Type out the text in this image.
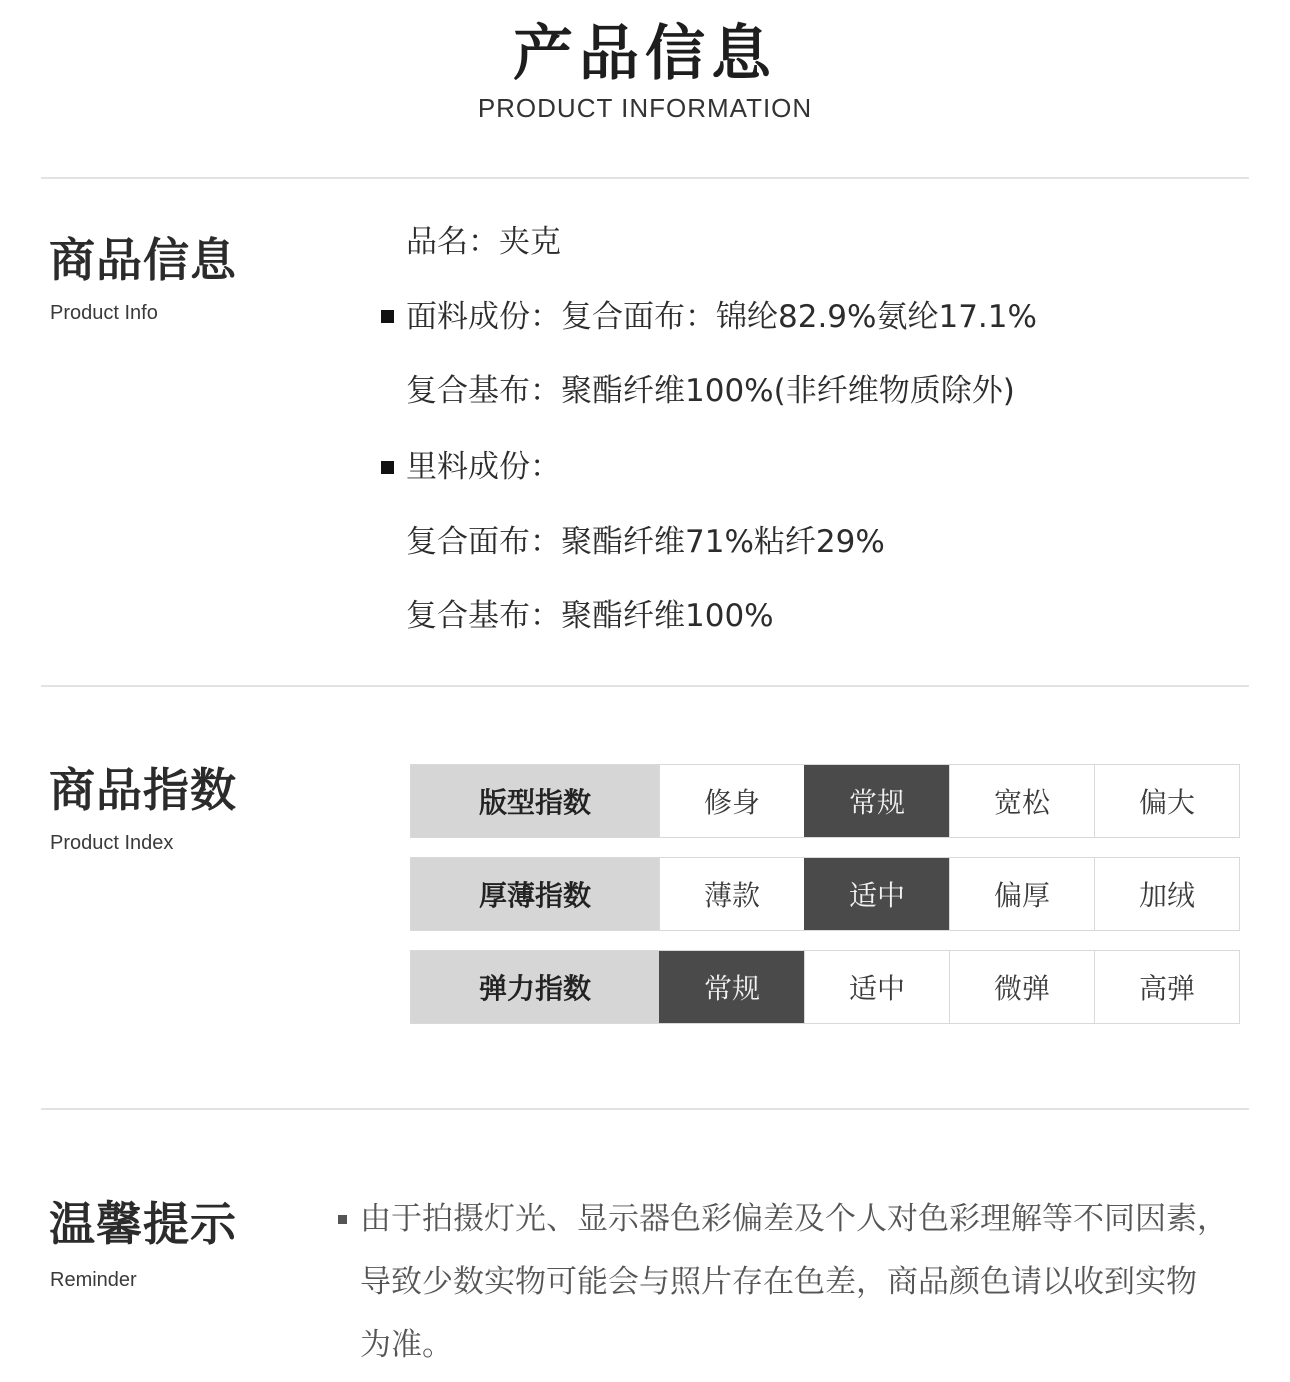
产品信息
PRODUCT INFORMATION
商品信息
Product Info
品名：夹克
面料成份：复合面布：锦纶82.9%氨纶17.1%
复合基布：聚酯纤维100%(非纤维物质除外)
里料成份：
复合面布：聚酯纤维71%粘纤29%
复合基布：聚酯纤维100%
商品指数
Product Index
版型指数	修身	常规	宽松	偏大
厚薄指数	薄款	适中	偏厚	加绒
弹力指数	常规	适中	微弹	高弹
温馨提示
Reminder
由于拍摄灯光、显示器色彩偏差及个人对色彩理解等不同因素，
导致少数实物可能会与照片存在色差，商品颜色请以收到实物
为准。
